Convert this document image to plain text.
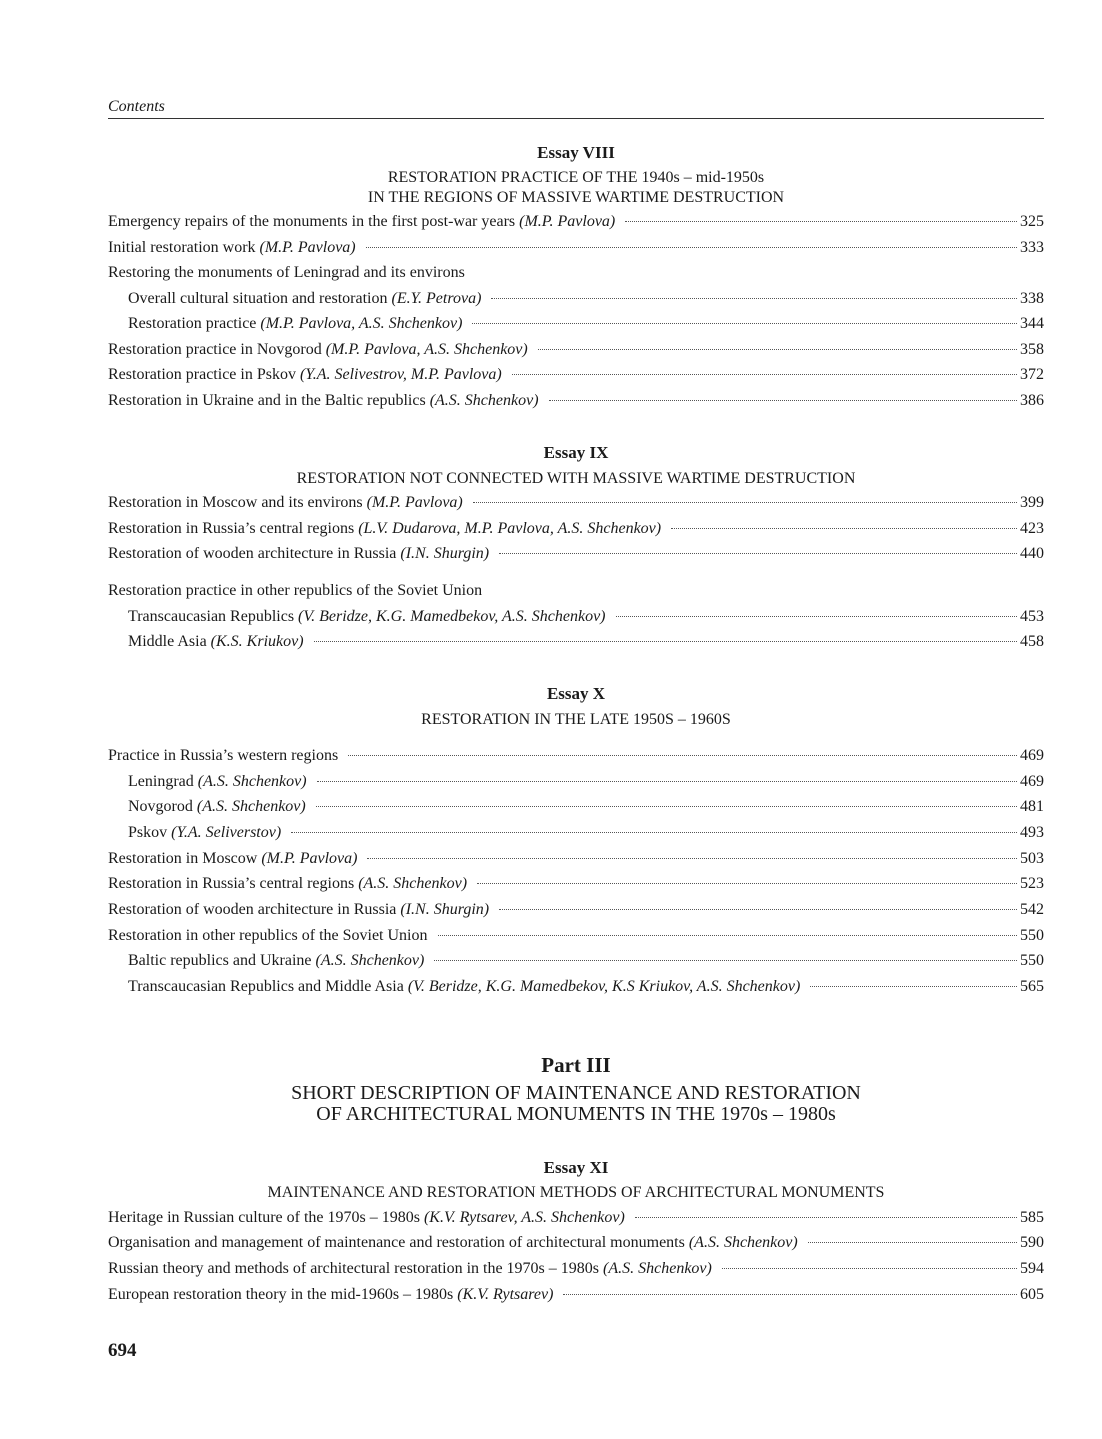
Contents
Essay VIII
RESTORATION PRACTICE OF THE 1940s – mid-1950s
IN THE REGIONS OF MASSIVE WARTIME DESTRUCTION
Emergency repairs of the monuments in the first post-war years (M.P. Pavlova)	325
Initial restoration work (M.P. Pavlova)	333
Restoring the monuments of Leningrad and its environs
Overall cultural situation and restoration (E.Y. Petrova)	338
Restoration practice (M.P. Pavlova, A.S. Shchenkov)	344
Restoration practice in Novgorod (M.P. Pavlova, A.S. Shchenkov)	358
Restoration practice in Pskov (Y.A. Selivestrov, M.P. Pavlova)	372
Restoration in Ukraine and in the Baltic republics (A.S. Shchenkov)	386
Essay IX
RESTORATION NOT CONNECTED WITH MASSIVE WARTIME DESTRUCTION
Restoration in Moscow and its environs (M.P. Pavlova)	399
Restoration in Russia’s central regions (L.V. Dudarova, M.P. Pavlova, A.S. Shchenkov)	423
Restoration of wooden architecture in Russia (I.N. Shurgin)	440
Restoration practice in other republics of the Soviet Union
Transcaucasian Republics (V. Beridze, K.G. Mamedbekov, A.S. Shchenkov)	453
Middle Asia (K.S. Kriukov)	458
Essay X
RESTORATION IN THE LATE 1950S – 1960S
Practice in Russia’s western regions	469
Leningrad (A.S. Shchenkov)	469
Novgorod (A.S. Shchenkov)	481
Pskov (Y.A. Seliverstov)	493
Restoration in Moscow (M.P. Pavlova)	503
Restoration in Russia’s central regions (A.S. Shchenkov)	523
Restoration of wooden architecture in Russia (I.N. Shurgin)	542
Restoration in other republics of the Soviet Union	550
Baltic republics and Ukraine (A.S. Shchenkov)	550
Transcaucasian Republics and Middle Asia (V. Beridze, K.G. Mamedbekov, K.S Kriukov, A.S. Shchenkov)	565
Part III
SHORT DESCRIPTION OF MAINTENANCE AND RESTORATION
OF ARCHITECTURAL MONUMENTS IN THE 1970s – 1980s
Essay XI
MAINTENANCE AND RESTORATION METHODS OF ARCHITECTURAL MONUMENTS
Heritage in Russian culture of the 1970s – 1980s (K.V. Rytsarev, A.S. Shchenkov)	585
Organisation and management of maintenance and restoration of architectural monuments (A.S. Shchenkov)	590
Russian theory and methods of architectural restoration in the 1970s – 1980s (A.S. Shchenkov)	594
European restoration theory in the mid-1960s – 1980s (K.V. Rytsarev)	605
694
